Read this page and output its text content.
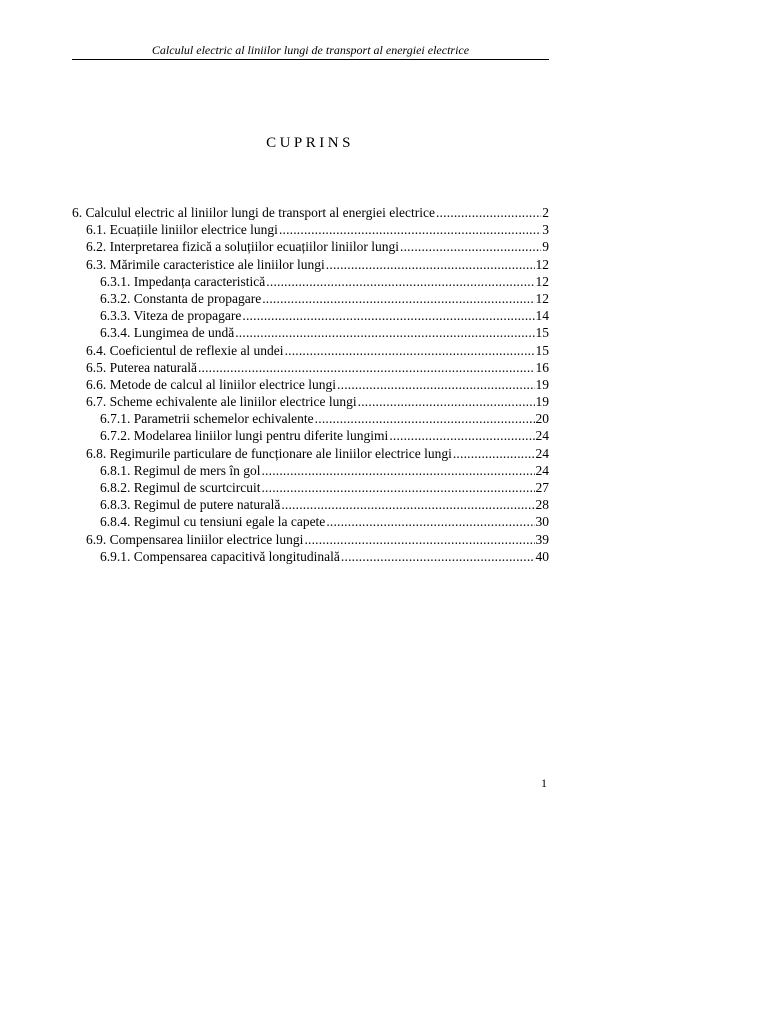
Calculul electric al liniilor lungi de transport al energiei electrice
CUPRINS
6. Calculul electric al liniilor lungi de transport al energiei electrice .....	2
6.1. Ecuațiile liniilor electrice lungi .....	3
6.2. Interpretarea fizică a soluțiilor ecuațiilor liniilor lungi .....	9
6.3. Mărimile caracteristice ale liniilor lungi .....	12
6.3.1. Impedanța caracteristică .....	12
6.3.2. Constanta de propagare .....	12
6.3.3. Viteza de propagare .....	14
6.3.4. Lungimea de undă .....	15
6.4. Coeficientul de reflexie al undei .....	15
6.5. Puterea naturală .....	16
6.6. Metode de calcul al liniilor electrice lungi .....	19
6.7. Scheme echivalente ale liniilor electrice lungi .....	19
6.7.1. Parametrii schemelor echivalente .....	20
6.7.2. Modelarea liniilor lungi pentru diferite lungimi .....	24
6.8. Regimurile particulare de funcționare ale liniilor electrice lungi .....	24
6.8.1. Regimul de mers în gol .....	24
6.8.2. Regimul de scurtcircuit .....	27
6.8.3. Regimul de putere naturală .....	28
6.8.4. Regimul cu tensiuni egale la capete .....	30
6.9. Compensarea liniilor electrice lungi .....	39
6.9.1. Compensarea capacitivă longitudinală .....	40
1
